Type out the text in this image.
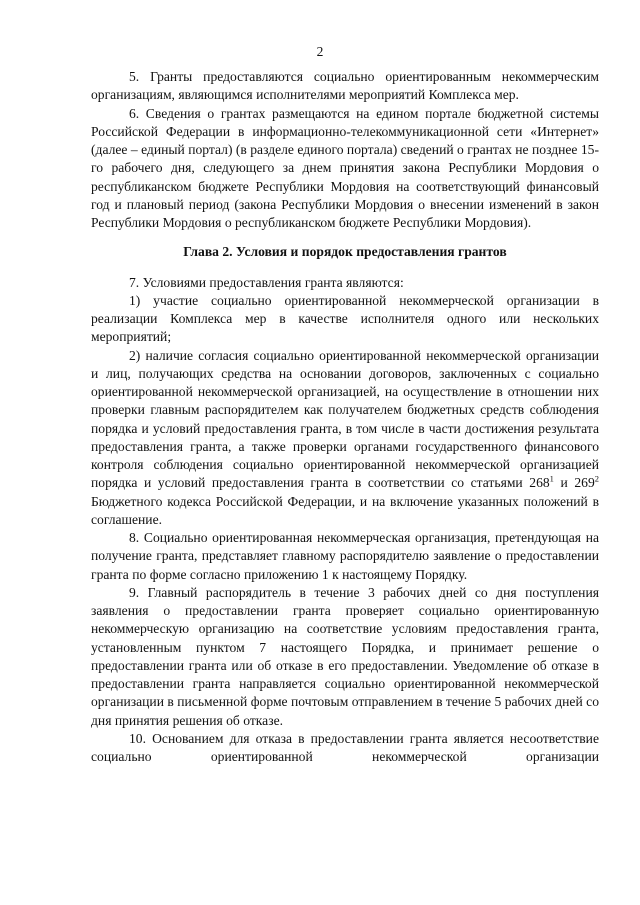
2

5. Гранты предоставляются социально ориентированным некоммерческим организациям, являющимся исполнителями мероприятий Комплекса мер.

6. Сведения о грантах размещаются на едином портале бюджетной системы Российской Федерации в информационно-телекоммуникационной сети «Интернет» (далее – единый портал) (в разделе единого портала) сведений о грантах не позднее 15-го рабочего дня, следующего за днем принятия закона Республики Мордовия о республиканском бюджете Республики Мордовия на соответствующий финансовый год и плановый период (закона Республики Мордовия о внесении изменений в закон Республики Мордовия о республиканском бюджете Республики Мордовия).

Глава 2. Условия и порядок предоставления грантов

7. Условиями предоставления гранта являются:

1) участие социально ориентированной некоммерческой организации в реализации Комплекса мер в качестве исполнителя одного или нескольких мероприятий;

2) наличие согласия социально ориентированной некоммерческой организации и лиц, получающих средства на основании договоров, заключенных с социально ориентированной некоммерческой организацией, на осуществление в отношении них проверки главным распорядителем как получателем бюджетных средств соблюдения порядка и условий предоставления гранта, в том числе в части достижения результата предоставления гранта, а также проверки органами государственного финансового контроля соблюдения социально ориентированной некоммерческой организацией порядка и условий предоставления гранта в соответствии со статьями $268^1$ и $269^2$ Бюджетного кодекса Российской Федерации, и на включение указанных положений в соглашение.

8. Социально ориентированная некоммерческая организация, претендующая на получение гранта, представляет главному распорядителю заявление о предоставлении гранта по форме согласно приложению 1 к настоящему Порядку.

9. Главный распорядитель в течение 3 рабочих дней со дня поступления заявления о предоставлении гранта проверяет социально ориентированную некоммерческую организацию на соответствие условиям предоставления гранта, установленным пунктом 7 настоящего Порядка, и принимает решение о предоставлении гранта или об отказе в его предоставлении. Уведомление об отказе в предоставлении гранта направляется социально ориентированной некоммерческой организации в письменной форме почтовым отправлением в течение 5 рабочих дней со дня принятия решения об отказе.

10. Основанием для отказа в предоставлении гранта является несоответствие социально ориентированной некоммерческой организации
